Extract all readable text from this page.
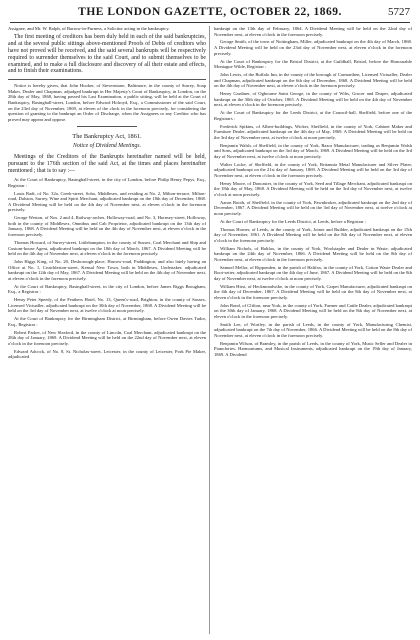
THE LONDON GAZETTE, OCTOBER 22, 1869.	5727

Assignee, and Mr. W. Ralph, of Barrow-in-Furness, a Solicitor acting in the bankruptcy.

The first meeting of creditors has been duly held in each of the said bankruptcies, and at the several public sittings above-mentioned Proofs of Debts of creditors who have not proved will be received, and the said several bankrupts will be respectively required to surrender themselves to the said Court, and to submit themselves to be examined, and to make a full disclosure and discovery of all their estate and effects, and to finish their examinations.

Notice is hereby given, that John Hooker, of Stevenstone, Baltimore, in the county of Surrey, Soap Maker, Dealer and Chapman, adjudged bankrupt in Her Majesty's Court of Bankruptcy, in London, on the 28th day of May, 1868, having passed his Last Examination, a public sitting, will be held at the Court of Bankruptcy, Basinghall-street, London, before Edward Holroyd, Esq., a Commissioner of the said Court, on the 23rd day of November, 1869, at eleven of the clock in the forenoon precisely, for considering the question of granting to the bankrupt an Order of Discharge, when the Assignees or any Creditor who has proved may appear and oppose.

The Bankruptcy Act, 1861.

Notice of Dividend Meetings.

Meetings of the Creditors of the Bankrupts hereinafter named will be held, pursuant to the 176th section of the said Act, at the times and places hereinafter mentioned ; that is to say :—

At the Court of Bankruptcy, Basinghall-street, in the city of London, before Philip Henry Pepys, Esq., Registrar :

Louis Radt, of No. 32a, Creek-street, Soho, Middlesex, and residing at No. 2, Milton-terrace, Milton-road, Dalston, Surrey, Wine and Spirit Merchant, adjudicated bankrupt on the 18th day of December, 1868. A Dividend Meeting will be held on the 4th day of November next, at eleven o'clock in the forenoon precisely.

George Weston, of Nos. 2 and 4, Railway-arches, Holloway-road, and No. 3, Hornsey-street, Holloway, both in the county of Middlesex, Omnibus and Cab Proprietor, adjudicated bankrupt on the 13th day of January, 1868. A Dividend Meeting will be held on the 4th day of November next, at eleven o'clock in the forenoon precisely.

Thomas Howard, of Surrey-street, Littlehampton, in the county of Sussex, Coal Merchant and Ship and Custom-house Agent, adjudicated bankrupt on the 18th day of March, 1867. A Dividend Meeting will be held on the 4th day of November next, at eleven o'clock in the forenoon precisely.

John Higgs King, of No. 20, Desborough-place, Harrow-road, Paddington, and also lately having an Office at No. 1, Crutchleston-street, Kensal New Town, both in Middlesex, Undertaker, adjudicated bankrupt on the 12th day of May, 1867. A Dividend Meeting will be held on the 4th day of November next, at eleven o'clock in the forenoon precisely.

At the Court of Bankruptcy, Basinghall-street, in the city of London, before James Riggs Brougham, Esq., a Registrar :

Henry Peter Speedy, of the Feathers Hotel, No. 13, Queen's-road, Brighton, in the county of Sussex, Licensed Victualler, adjudicated bankrupt on the 30th day of November, 1868. A Dividend Meeting will be held on the 3rd day of November next, at twelve o'clock at noon precisely.

At the Court of Bankruptcy for the Birmingham District, at Birmingham, before Owen Davies Tudor, Esq., Registrar :

Robert Parker, of New Sleaford, in the county of Lincoln, Coal Merchant, adjudicated bankrupt on the 28th day of January, 1869. A Dividend Meeting will be held on the 22nd day of November next, at eleven o'clock in the forenoon precisely.

Edward Adcock, of No. 8, St. Nicholas-street, Leicester, in the county of Leicester, Pork Pie Maker, adjudicated

bankrupt on the 13th day of February, 1864. A Dividend Meeting will be held on the 22nd day of November next, at eleven o'clock in the forenoon precisely.

George Smith, of the town of Nottingham, Miller, adjudicated bankrupt on the 4th day of March, 1868. A Dividend Meeting will be held on the 23rd day of November next, at eleven o'clock in the forenoon precisely.

At the Court of Bankruptcy for the Bristol District, at the Guildhall, Bristol, before the Honourable Montague Wilde, Registrar :

John Lewis, of the Buffalo Inn, in the county of the borough of Carmarthen, Licensed Victualler, Dealer and Chapman, adjudicated bankrupt on the 6th day of December, 1868. A Dividend Meeting will be held on the 4th day of November next, at eleven o'clock in the forenoon precisely.

Henry Gardiner, of Ogbourne Saint George, in the county of Wilts, Grocer and Draper, adjudicated bankrupt on the 30th day of October, 1865. A Dividend Meeting will be held on the 4th day of November next, at eleven o'clock in the forenoon precisely.

At the Court of Bankruptcy for the Leeds District, at the Council-hall, Sheffield, before one of the Registrars :

Frederick Spikins, of Albert-buildings, Wicker, Sheffield, in the county of York, Cabinet Maker and Furniture Dealer, adjudicated bankrupt on the 4th day of May, 1869. A Dividend Meeting will be held on the 3rd day of November next, at twelve o'clock at noon precisely.

Benjamin Walsh, of Sheffield, in the county of York, Razor Manufacturer, trading as Benjamin Walsh and Sons, adjudicated bankrupt on the 3rd day of March, 1869. A Dividend Meeting will be held on the 3rd day of November next, at twelve o'clock at noon precisely.

Walter Locke, of Sheffield, in the county of York, Britannia Metal Manufacturer and Silver Plater, adjudicated bankrupt on the 21st day of January, 1869. A Dividend Meeting will be held on the 3rd day of November next, at eleven o'clock in the forenoon precisely.

Henry Moore, of Doncaster, in the county of York, Seed and Tillage Merchant, adjudicated bankrupt on the 18th day of May, 1868. A Dividend Meeting will be held on the 3rd day of November next, at twelve o'clock at noon precisely.

Aaron Booth, of Sheffield, in the county of York, Pawnbroker, adjudicated bankrupt on the 2nd day of December, 1867. A Dividend Meeting will be held on the 3rd day of November next, at twelve o'clock at noon precisely.

At the Court of Bankruptcy for the Leeds District, at Leeds, before a Registrar :

Thomas Horner, of Leeds, in the county of York, Joiner and Builder, adjudicated bankrupt on the 15th day of November, 1861. A Dividend Meeting will be held on the 8th day of November next, at eleven o'clock in the forenoon precisely.

William Nichols, of Halifax, in the county of York, Woolstapler and Dealer in Waste, adjudicated bankrupt on the 24th day of November, 1866. A Dividend Meeting will be held on the 8th day of November next, at eleven o'clock in the forenoon precisely.

Samuel Mellor, of Ripponden, in the parish of Halifax, in the county of York, Cotton Waste Dealer and Boot-setter, adjudicated bankrupt on the 4th day of June, 1867. A Dividend Meeting will be held on the 8th day of November next, at twelve o'clock at noon precisely.

William Hirst, of Heckmondwike, in the county of York, Carpet Manufacturer, adjudicated bankrupt on the 4th day of December, 1867. A Dividend Meeting will be held on the 8th day of November next, at eleven o'clock in the forenoon precisely.

John Bond, of Clifton, near York, in the county of York, Farmer and Cattle Dealer, adjudicated bankrupt on the 30th day of January, 1868. A Dividend Meeting will be held on the 8th day of November next, at eleven o'clock in the forenoon precisely.

Smith Lee, of Wortley, in the parish of Leeds, in the county of York, Manufacturing Chemist, adjudicated bankrupt on the 7th day of November, 1866. A Dividend Meeting will be held on the 8th day of November next, at eleven o'clock in the forenoon precisely.

Benjamin Wilson, of Bramley, in the parish of Leeds, in the county of York, Music Seller and Dealer in Pianofortes, Harmoniums, and Musical Instruments, adjudicated bankrupt on the 19th day of January, 1869. A Dividend
